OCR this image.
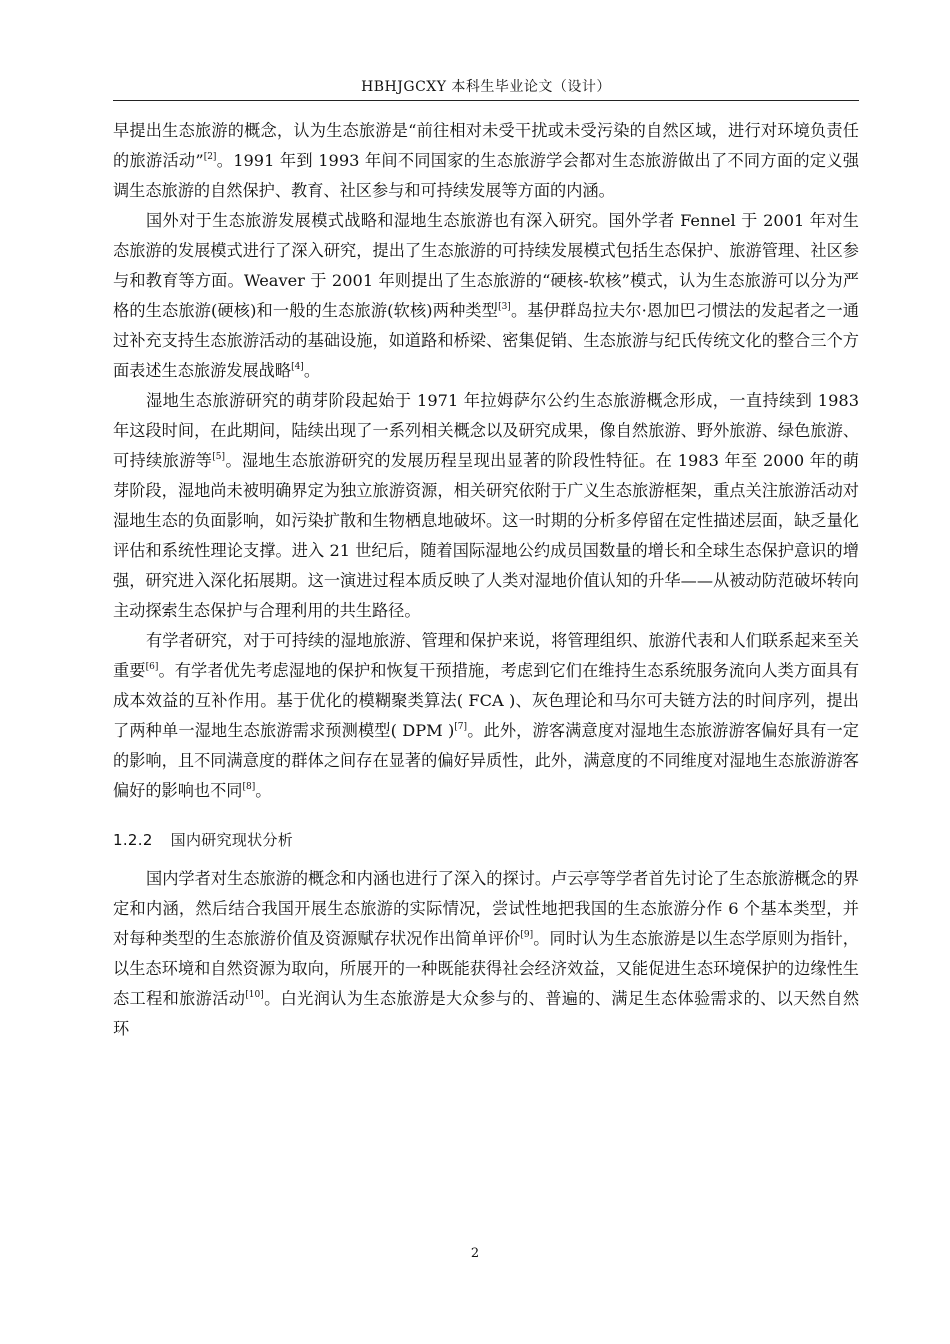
HBHJGCXY 本科生毕业论文（设计）

早提出生态旅游的概念，认为生态旅游是“前往相对未受干扰或未受污染的自然区域，进行对环境负责任的旅游活动”[2]。1991 年到 1993 年间不同国家的生态旅游学会都对生态旅游做出了不同方面的定义强调生态旅游的自然保护、教育、社区参与和可持续发展等方面的内涵。

国外对于生态旅游发展模式战略和湿地生态旅游也有深入研究。国外学者 Fennel 于 2001 年对生态旅游的发展模式进行了深入研究，提出了生态旅游的可持续发展模式包括生态保护、旅游管理、社区参与和教育等方面。Weaver 于 2001 年则提出了生态旅游的“硬核-软核”模式，认为生态旅游可以分为严格的生态旅游(硬核)和一般的生态旅游(软核)两种类型[3]。基伊群岛拉夫尔·恩加巴刁惯法的发起者之一通过补充支持生态旅游活动的基础设施，如道路和桥梁、密集促销、生态旅游与纪氏传统文化的整合三个方面表述生态旅游发展战略[4]。

湿地生态旅游研究的萌芽阶段起始于 1971 年拉姆萨尔公约生态旅游概念形成，一直持续到 1983 年这段时间，在此期间，陆续出现了一系列相关概念以及研究成果，像自然旅游、野外旅游、绿色旅游、可持续旅游等[5]。湿地生态旅游研究的发展历程呈现出显著的阶段性特征。在 1983 年至 2000 年的萌芽阶段，湿地尚未被明确界定为独立旅游资源，相关研究依附于广义生态旅游框架，重点关注旅游活动对湿地生态的负面影响，如污染扩散和生物栖息地破坏。这一时期的分析多停留在定性描述层面，缺乏量化评估和系统性理论支撑。进入 21 世纪后，随着国际湿地公约成员国数量的增长和全球生态保护意识的增强，研究进入深化拓展期。这一演进过程本质反映了人类对湿地价值认知的升华——从被动防范破坏转向主动探索生态保护与合理利用的共生路径。

有学者研究，对于可持续的湿地旅游、管理和保护来说，将管理组织、旅游代表和人们联系起来至关重要[6]。有学者优先考虑湿地的保护和恢复干预措施，考虑到它们在维持生态系统服务流向人类方面具有成本效益的互补作用。基于优化的模糊聚类算法( FCA )、灰色理论和马尔可夫链方法的时间序列，提出了两种单一湿地生态旅游需求预测模型( DPM )[7]。此外，游客满意度对湿地生态旅游游客偏好具有一定的影响，且不同满意度的群体之间存在显著的偏好异质性，此外，满意度的不同维度对湿地生态旅游游客偏好的影响也不同[8]。

1.2.2 国内研究现状分析

国内学者对生态旅游的概念和内涵也进行了深入的探讨。卢云亭等学者首先讨论了生态旅游概念的界定和内涵，然后结合我国开展生态旅游的实际情况，尝试性地把我国的生态旅游分作 6 个基本类型，并对每种类型的生态旅游价值及资源赋存状况作出简单评价[9]。同时认为生态旅游是以生态学原则为指针，以生态环境和自然资源为取向，所展开的一种既能获得社会经济效益，又能促进生态环境保护的边缘性生态工程和旅游活动[10]。白光润认为生态旅游是大众参与的、普遍的、满足生态体验需求的、以天然自然环

2
